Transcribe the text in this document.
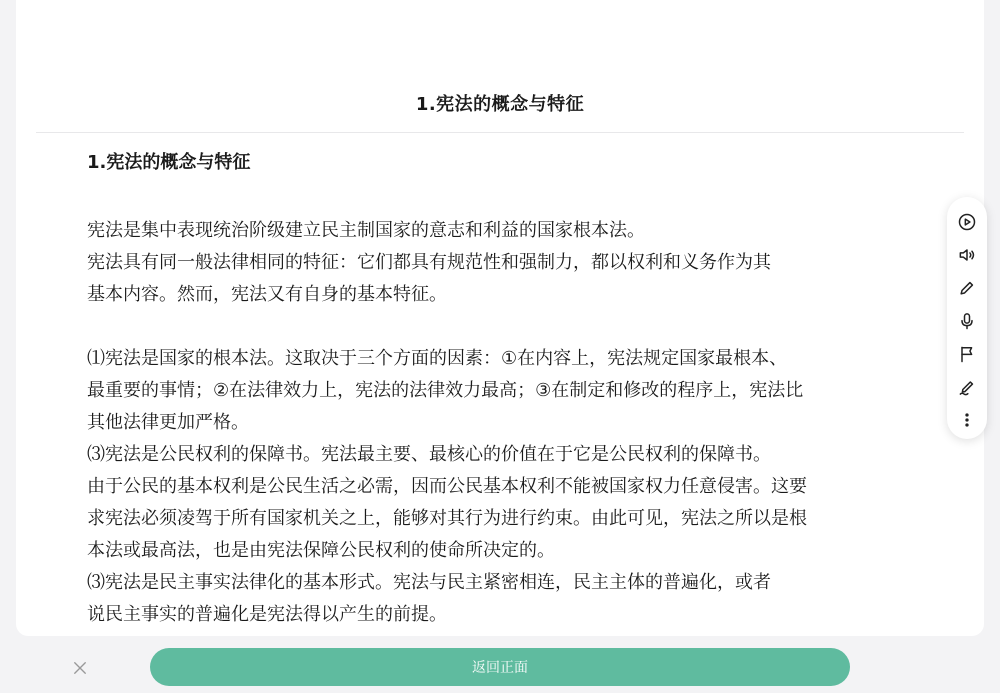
1.宪法的概念与特征
1.宪法的概念与特征

宪法是集中表现统治阶级建立民主制国家的意志和利益的国家根本法。

宪法具有同一般法律相同的特征：它们都具有规范性和强制力，都以权利和义务作为其

基本内容。然而，宪法又有自身的基本特征。

⑴宪法是国家的根本法。这取决于三个方面的因素：①在内容上，宪法规定国家最根本、

最重要的事情；②在法律效力上，宪法的法律效力最高；③在制定和修改的程序上，宪法比

其他法律更加严格。

⑶宪法是公民权利的保障书。宪法最主要、最核心的价值在于它是公民权利的保障书。

由于公民的基本权利是公民生活之必需，因而公民基本权利不能被国家权力任意侵害。这要

求宪法必须凌驾于所有国家机关之上，能够对其行为进行约束。由此可见，宪法之所以是根

本法或最高法，也是由宪法保障公民权利的使命所决定的。

⑶宪法是民主事实法律化的基本形式。宪法与民主紧密相连，民主主体的普遍化，或者

说民主事实的普遍化是宪法得以产生的前提。

返回正面
